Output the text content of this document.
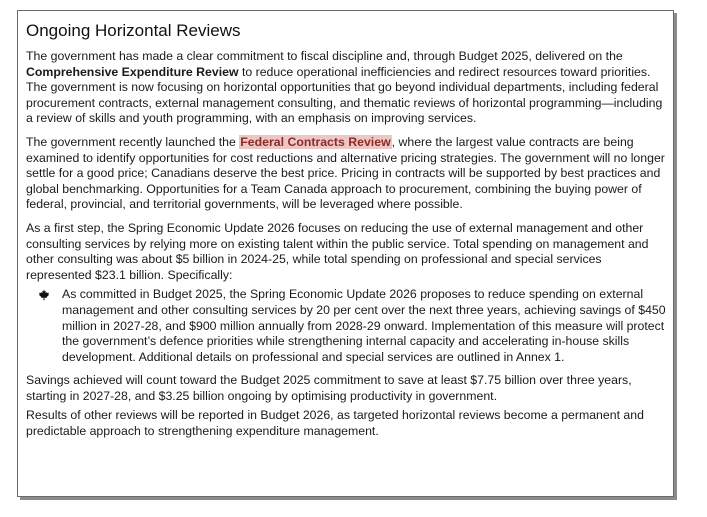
Ongoing Horizontal Reviews

The government has made a clear commitment to fiscal discipline and, through Budget 2025, delivered on the Comprehensive Expenditure Review to reduce operational inefficiencies and redirect resources toward priorities. The government is now focusing on horizontal opportunities that go beyond individual departments, including federal procurement contracts, external management consulting, and thematic reviews of horizontal programming—including a review of skills and youth programming, with an emphasis on improving services.

The government recently launched the Federal Contracts Review, where the largest value contracts are being examined to identify opportunities for cost reductions and alternative pricing strategies. The government will no longer settle for a good price; Canadians deserve the best price. Pricing in contracts will be supported by best practices and global benchmarking. Opportunities for a Team Canada approach to procurement, combining the buying power of federal, provincial, and territorial governments, will be leveraged where possible.

As a first step, the Spring Economic Update 2026 focuses on reducing the use of external management and other consulting services by relying more on existing talent within the public service. Total spending on management and other consulting was about $5 billion in 2024-25, while total spending on professional and special services represented $23.1 billion. Specifically:

As committed in Budget 2025, the Spring Economic Update 2026 proposes to reduce spending on external management and other consulting services by 20 per cent over the next three years, achieving savings of $450 million in 2027-28, and $900 million annually from 2028-29 onward. Implementation of this measure will protect the government’s defence priorities while strengthening internal capacity and accelerating in-house skills development. Additional details on professional and special services are outlined in Annex 1.

Savings achieved will count toward the Budget 2025 commitment to save at least $7.75 billion over three years, starting in 2027-28, and $3.25 billion ongoing by optimising productivity in government.

Results of other reviews will be reported in Budget 2026, as targeted horizontal reviews become a permanent and predictable approach to strengthening expenditure management.
